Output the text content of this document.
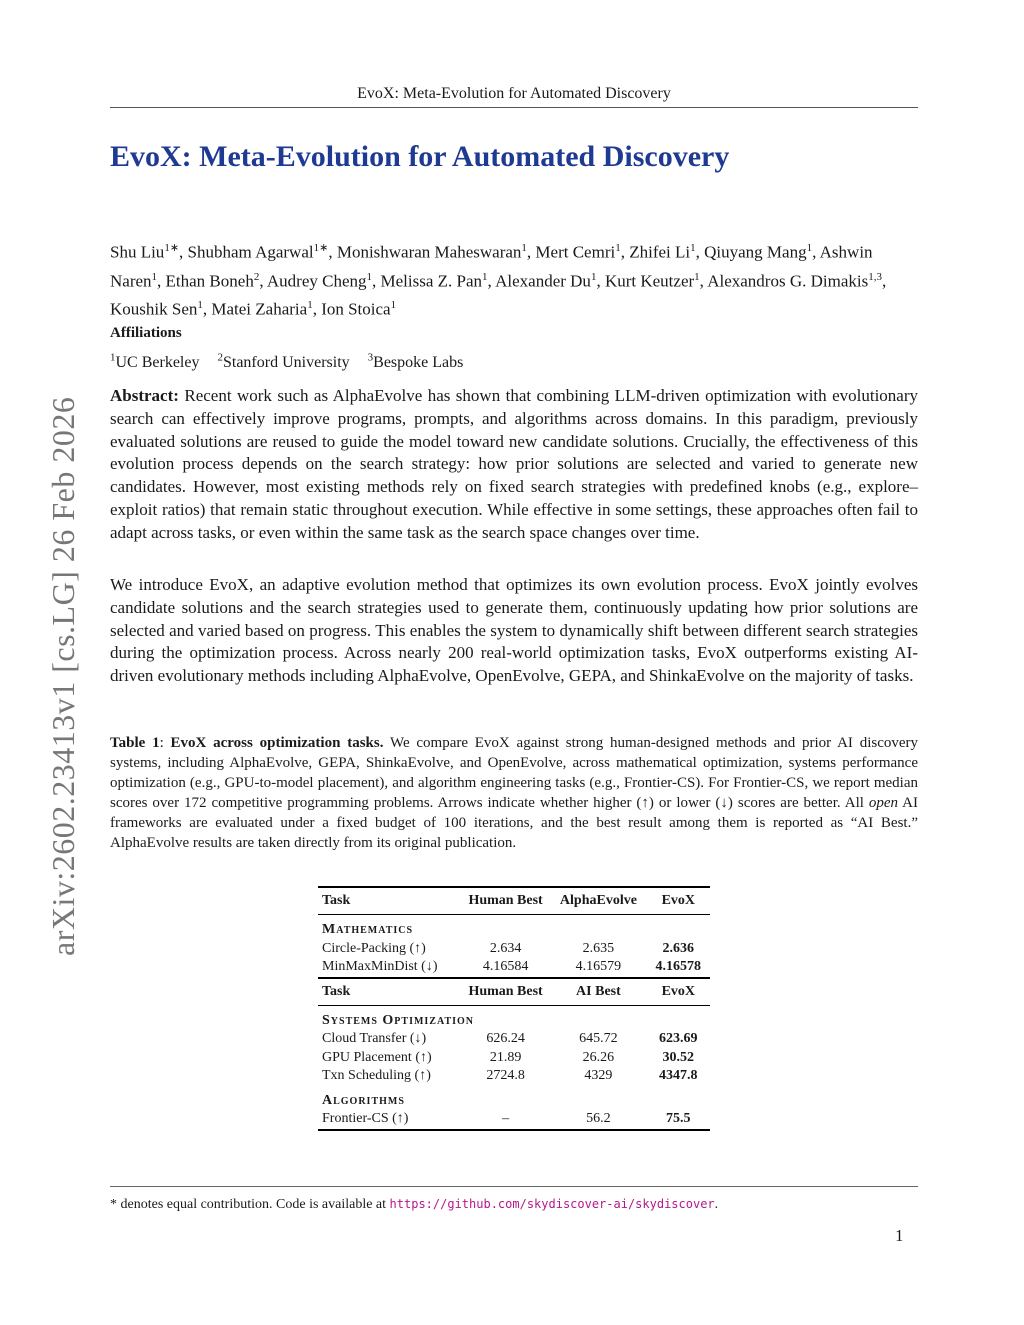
arXiv:2602.23413v1 [cs.LG] 26 Feb 2026
EvoX: Meta-Evolution for Automated Discovery
EvoX: Meta-Evolution for Automated Discovery
Shu Liu$^{1∗}$, Shubham Agarwal$^{1∗}$, Monishwaran Maheswaran$^1$, Mert Cemri$^1$, Zhifei Li$^1$, Qiuyang Mang$^1$, Ashwin Naren$^1$, Ethan Boneh$^2$, Audrey Cheng$^1$, Melissa Z. Pan$^1$, Alexander Du$^1$, Kurt Keutzer$^1$, Alexandros G. Dimakis$^{1,3}$, Koushik Sen$^1$, Matei Zaharia$^1$, Ion Stoica$^1$
Affiliations
$^1$UC Berkeley $^2$Stanford University $^3$Bespoke Labs

Abstract: Recent work such as AlphaEvolve has shown that combining LLM-driven optimization with evolutionary search can effectively improve programs, prompts, and algorithms across domains. In this paradigm, previously evaluated solutions are reused to guide the model toward new candidate solutions. Crucially, the effectiveness of this evolution process depends on the search strategy: how prior solutions are selected and varied to generate new candidates. However, most existing methods rely on fixed search strategies with predefined knobs (e.g., explore–exploit ratios) that remain static throughout execution. While effective in some settings, these approaches often fail to adapt across tasks, or even within the same task as the search space changes over time.

We introduce EvoX, an adaptive evolution method that optimizes its own evolution process. EvoX jointly evolves candidate solutions and the search strategies used to generate them, continuously updating how prior solutions are selected and varied based on progress. This enables the system to dynamically shift between different search strategies during the optimization process. Across nearly 200 real-world optimization tasks, EvoX outperforms existing AI-driven evolutionary methods including AlphaEvolve, OpenEvolve, GEPA, and ShinkaEvolve on the majority of tasks.

Table 1: EvoX across optimization tasks. We compare EvoX against strong human-designed methods and prior AI discovery systems, including AlphaEvolve, GEPA, ShinkaEvolve, and OpenEvolve, across mathematical optimization, systems performance optimization (e.g., GPU-to-model placement), and algorithm engineering tasks (e.g., Frontier-CS). For Frontier-CS, we report median scores over 172 competitive programming problems. Arrows indicate whether higher (↑) or lower (↓) scores are better. All open AI frameworks are evaluated under a fixed budget of 100 iterations, and the best result among them is reported as “AI Best.” AlphaEvolve results are taken directly from its original publication.

Task	Human Best	AlphaEvolve	EvoX
Mathematics			
Circle-Packing (↑)	2.634	2.635	2.636
MinMaxMinDist (↓)	4.16584	4.16579	4.16578
Task	Human Best	AI Best	EvoX
Systems Optimization			
Cloud Transfer (↓)	626.24	645.72	623.69
GPU Placement (↑)	21.89	26.26	30.52
Txn Scheduling (↑)	2724.8	4329	4347.8
Algorithms			
Frontier-CS (↑)	–	56.2	75.5
* denotes equal contribution. Code is available at https://github.com/skydiscover-ai/skydiscover.
1
